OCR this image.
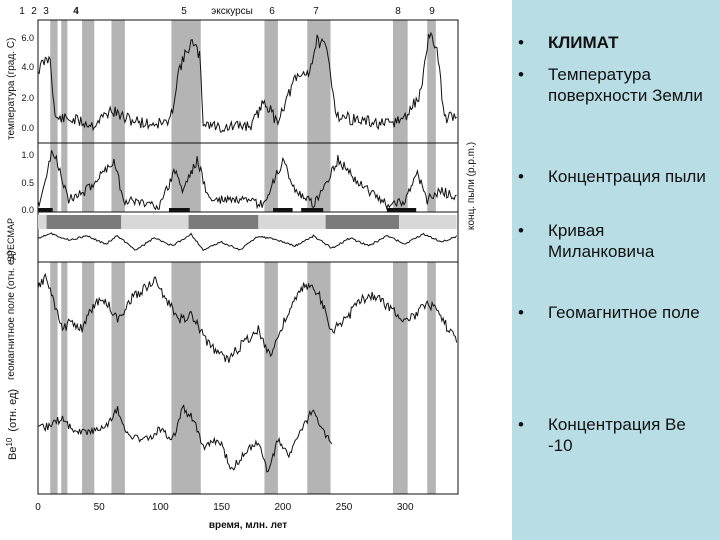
1 2 3 4	5 экскурсы 6	7	8	9
6.0
4.0
2.0
0.0
1.0
0.5
0.0
0	50	100	150	200	250	300
температура (град. С)
конц. пыли (p.p.m.)
SPECMAP
геомагнитное поле (отн. ед)
Be$^{10}$(отн. ед)
время, млн. лет
• КЛИМАТ
• Температура поверхности Земли
• Концентрация пыли
• Кривая Миланковича
• Геомагнитное поле
• Концентрация Be -10
